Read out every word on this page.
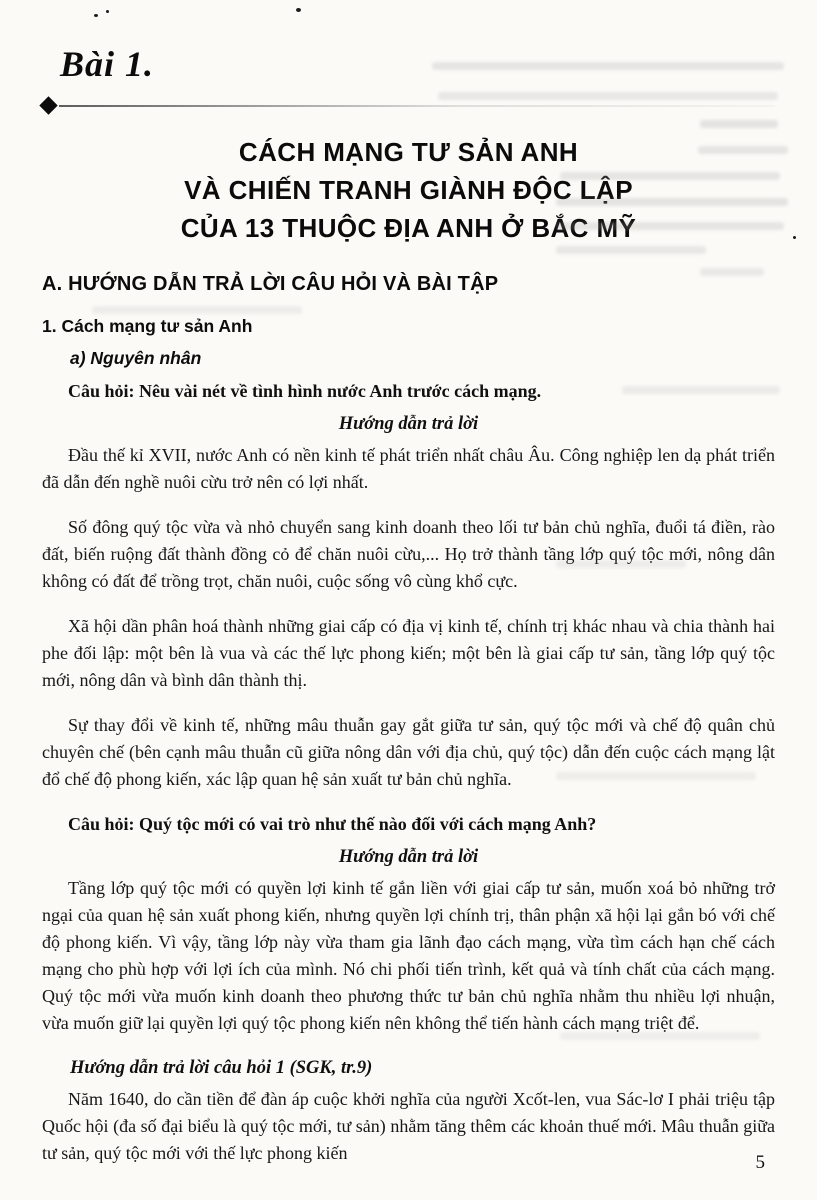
Bài 1.
CÁCH MẠNG TƯ SẢN ANH
VÀ CHIẾN TRANH GIÀNH ĐỘC LẬP
CỦA 13 THUỘC ĐỊA ANH Ở BẮC MỸ
A. HƯỚNG DẪN TRẢ LỜI CÂU HỎI VÀ BÀI TẬP
1. Cách mạng tư sản Anh
a) Nguyên nhân
Câu hỏi: Nêu vài nét về tình hình nước Anh trước cách mạng.
Hướng dẫn trả lời

Đầu thế kỉ XVII, nước Anh có nền kinh tế phát triển nhất châu Âu. Công nghiệp len dạ phát triển đã dẫn đến nghề nuôi cừu trở nên có lợi nhất.

Số đông quý tộc vừa và nhỏ chuyển sang kinh doanh theo lối tư bản chủ nghĩa, đuổi tá điền, rào đất, biến ruộng đất thành đồng cỏ để chăn nuôi cừu,... Họ trở thành tầng lớp quý tộc mới, nông dân không có đất để trồng trọt, chăn nuôi, cuộc sống vô cùng khổ cực.

Xã hội dần phân hoá thành những giai cấp có địa vị kinh tế, chính trị khác nhau và chia thành hai phe đối lập: một bên là vua và các thế lực phong kiến; một bên là giai cấp tư sản, tầng lớp quý tộc mới, nông dân và bình dân thành thị.

Sự thay đổi về kinh tế, những mâu thuẫn gay gắt giữa tư sản, quý tộc mới và chế độ quân chủ chuyên chế (bên cạnh mâu thuẫn cũ giữa nông dân với địa chủ, quý tộc) dẫn đến cuộc cách mạng lật đổ chế độ phong kiến, xác lập quan hệ sản xuất tư bản chủ nghĩa.

Câu hỏi: Quý tộc mới có vai trò như thế nào đối với cách mạng Anh?
Hướng dẫn trả lời

Tầng lớp quý tộc mới có quyền lợi kinh tế gắn liền với giai cấp tư sản, muốn xoá bỏ những trở ngại của quan hệ sản xuất phong kiến, nhưng quyền lợi chính trị, thân phận xã hội lại gắn bó với chế độ phong kiến. Vì vậy, tầng lớp này vừa tham gia lãnh đạo cách mạng, vừa tìm cách hạn chế cách mạng cho phù hợp với lợi ích của mình. Nó chi phối tiến trình, kết quả và tính chất của cách mạng. Quý tộc mới vừa muốn kinh doanh theo phương thức tư bản chủ nghĩa nhằm thu nhiều lợi nhuận, vừa muốn giữ lại quyền lợi quý tộc phong kiến nên không thể tiến hành cách mạng triệt để.

Hướng dẫn trả lời câu hỏi 1 (SGK, tr.9)

Năm 1640, do cần tiền để đàn áp cuộc khởi nghĩa của người Xcốt-len, vua Sác-lơ I phải triệu tập Quốc hội (đa số đại biểu là quý tộc mới, tư sản) nhằm tăng thêm các khoản thuế mới. Mâu thuẫn giữa tư sản, quý tộc mới với thế lực phong kiến	5
